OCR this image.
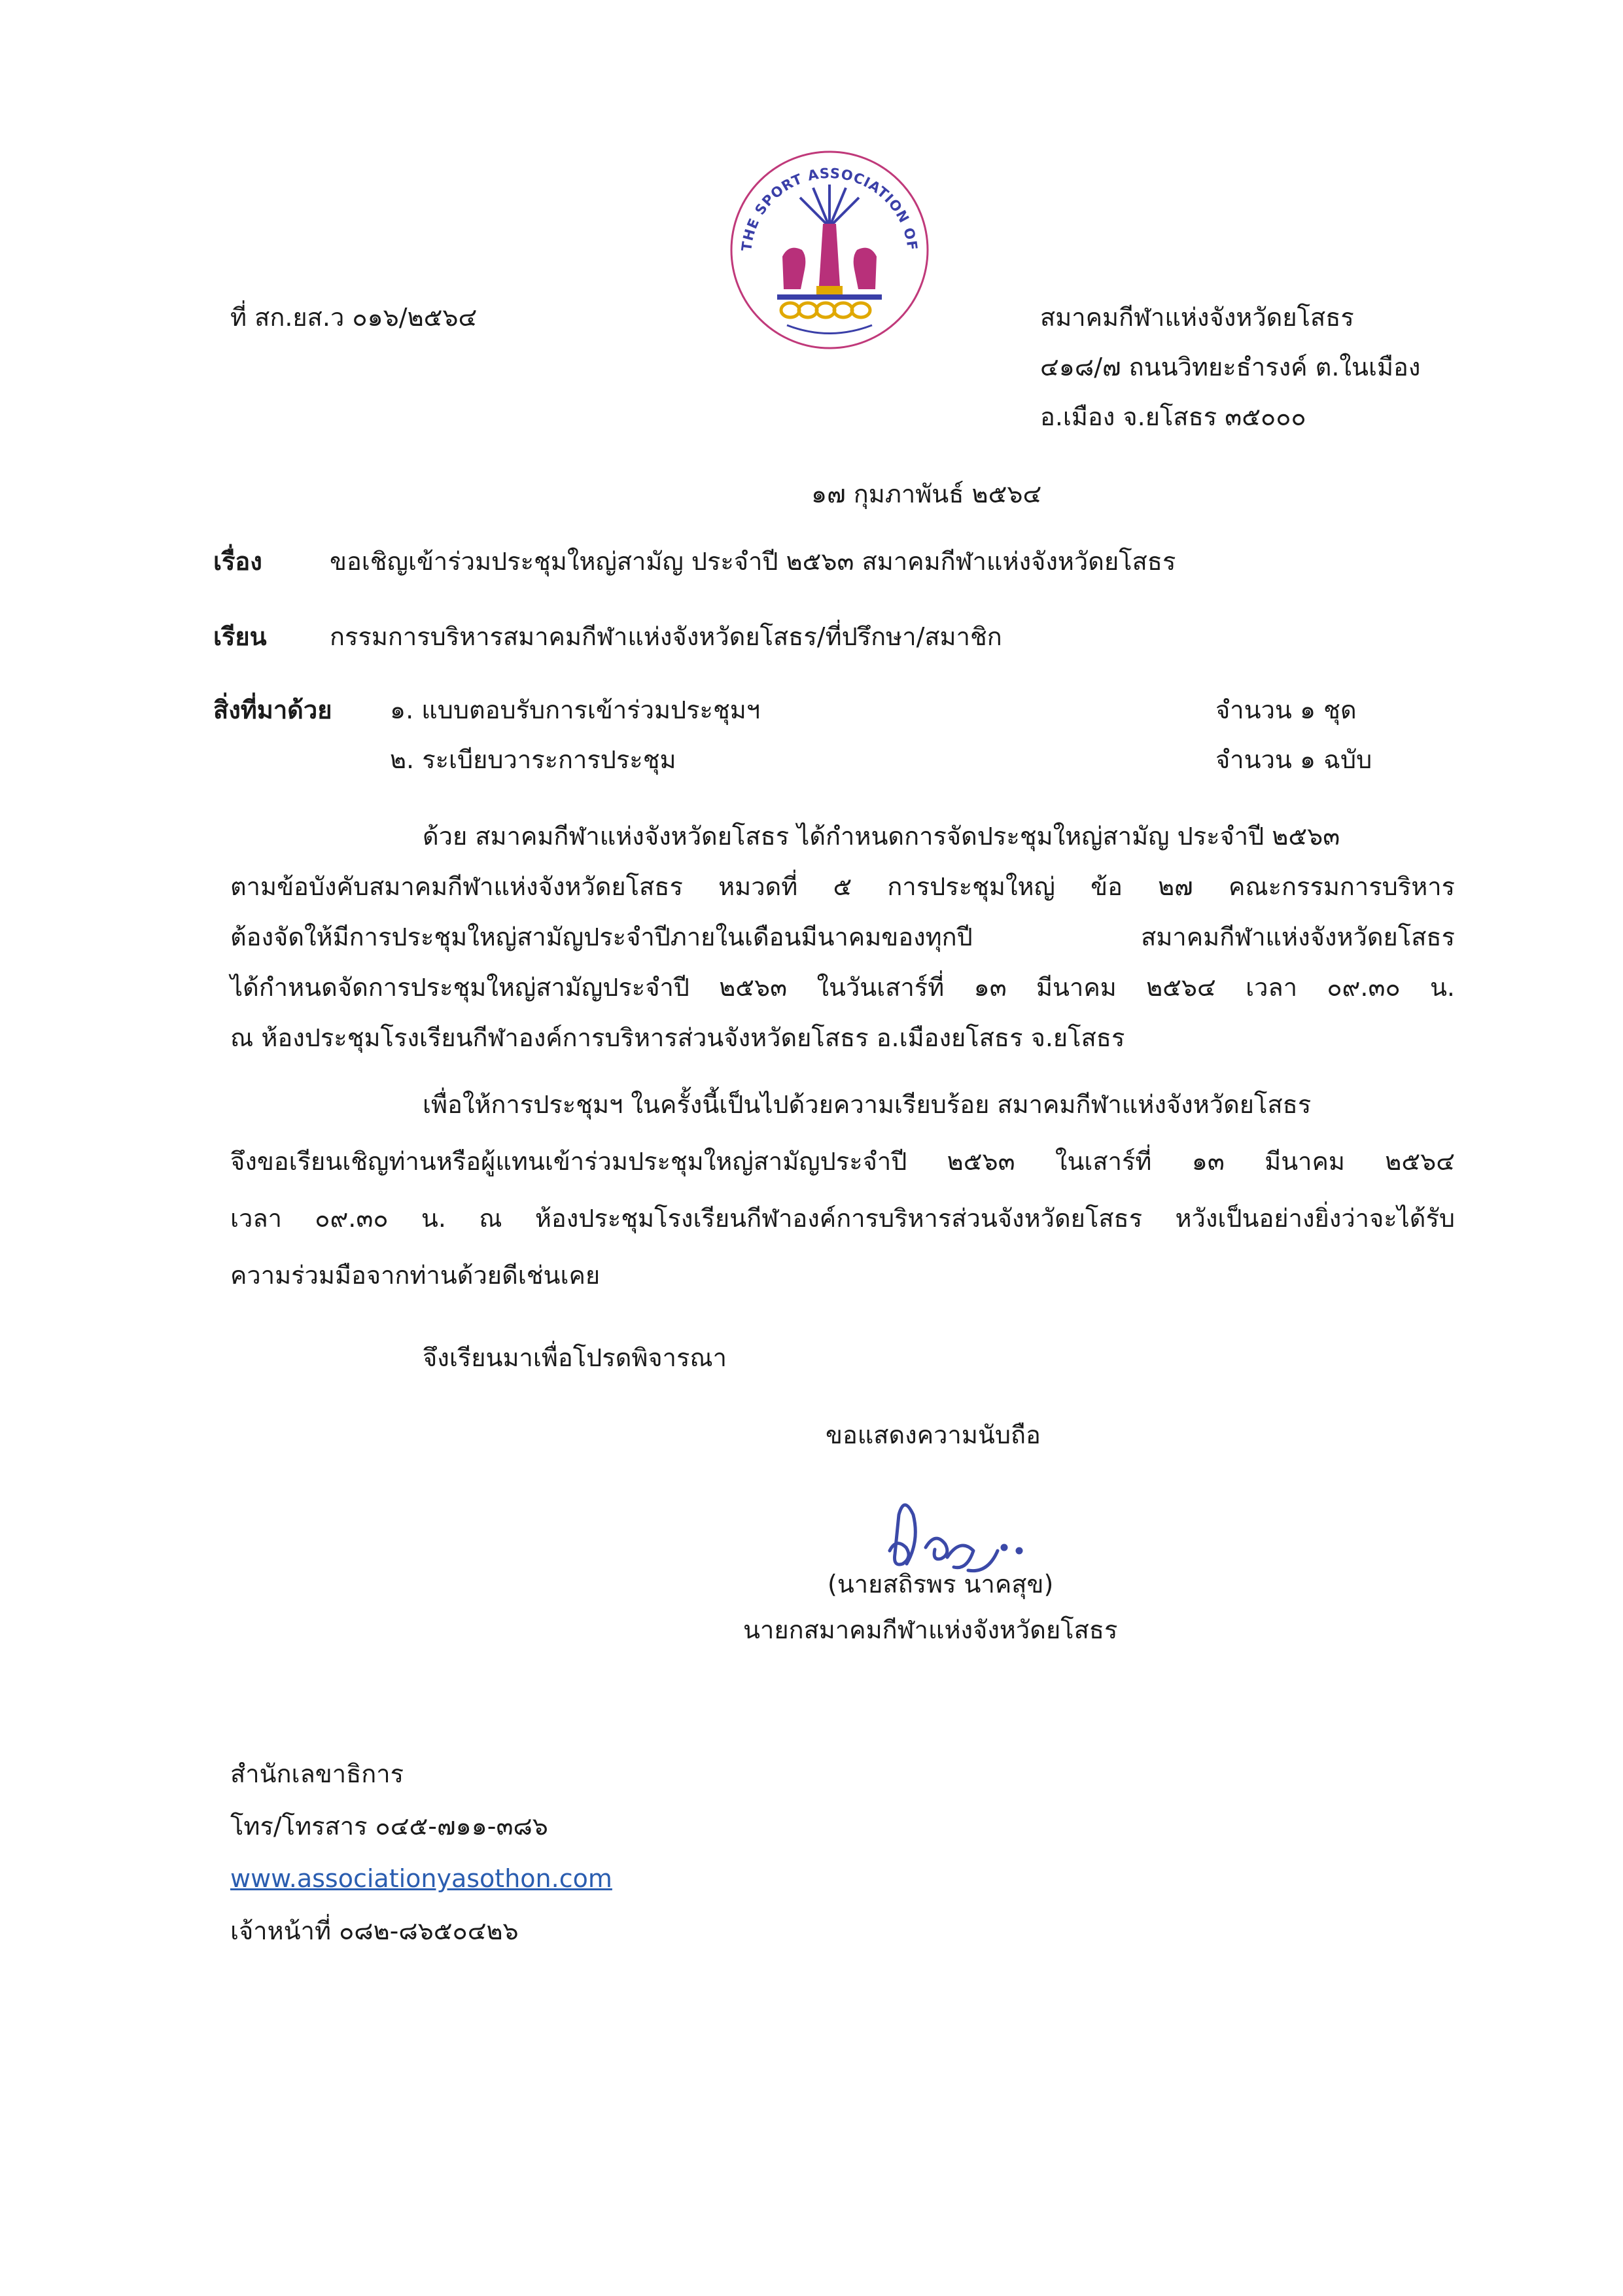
THE SPORT ASSOCIATION OF
ที่ สก.ยส.ว ๐๑๖/๒๕๖๔	สมาคมกีฬาแห่งจังหวัดยโสธร
๔๑๘/๗ ถนนวิทยะธำรงค์ ต.ในเมือง
อ.เมือง จ.ยโสธร ๓๕๐๐๐
๑๗ กุมภาพันธ์ ๒๕๖๔
เรื่อง	ขอเชิญเข้าร่วมประชุมใหญ่สามัญ ประจำปี ๒๕๖๓ สมาคมกีฬาแห่งจังหวัดยโสธร
เรียน	กรรมการบริหารสมาคมกีฬาแห่งจังหวัดยโสธร/ที่ปรึกษา/สมาชิก
สิ่งที่มาด้วย ๑. แบบตอบรับการเข้าร่วมประชุมฯ	จำนวน ๑ ชุด
๒. ระเบียบวาระการประชุม	จำนวน ๑ ฉบับ
ด้วย สมาคมกีฬาแห่งจังหวัดยโสธร ได้กำหนดการจัดประชุมใหญ่สามัญ ประจำปี ๒๕๖๓
ตามข้อบังคับสมาคมกีฬาแห่งจังหวัดยโสธร หมวดที่ ๕ การประชุมใหญ่ ข้อ ๒๗ คณะกรรมการบริหาร
ต้องจัดให้มีการประชุมใหญ่สามัญประจำปีภายในเดือนมีนาคมของทุกปี สมาคมกีฬาแห่งจังหวัดยโสธร
ได้กำหนดจัดการประชุมใหญ่สามัญประจำปี ๒๕๖๓ ในวันเสาร์ที่ ๑๓ มีนาคม ๒๕๖๔ เวลา ๐๙.๓๐ น.
ณ ห้องประชุมโรงเรียนกีฬาองค์การบริหารส่วนจังหวัดยโสธร อ.เมืองยโสธร จ.ยโสธร
เพื่อให้การประชุมฯ ในครั้งนี้เป็นไปด้วยความเรียบร้อย สมาคมกีฬาแห่งจังหวัดยโสธร
จึงขอเรียนเชิญท่านหรือผู้แทนเข้าร่วมประชุมใหญ่สามัญประจำปี ๒๕๖๓ ในเสาร์ที่ ๑๓ มีนาคม ๒๕๖๔
เวลา ๐๙.๓๐ น. ณ ห้องประชุมโรงเรียนกีฬาองค์การบริหารส่วนจังหวัดยโสธร หวังเป็นอย่างยิ่งว่าจะได้รับ
ความร่วมมือจากท่านด้วยดีเช่นเคย
จึงเรียนมาเพื่อโปรดพิจารณา
ขอแสดงความนับถือ
(นายสถิรพร นาคสุข)
นายกสมาคมกีฬาแห่งจังหวัดยโสธร
สำนักเลขาธิการ
โทร/โทรสาร ๐๔๕-๗๑๑-๓๘๖
www.associationyasothon.com
เจ้าหน้าที่ ๐๘๒-๘๖๕๐๔๒๖
